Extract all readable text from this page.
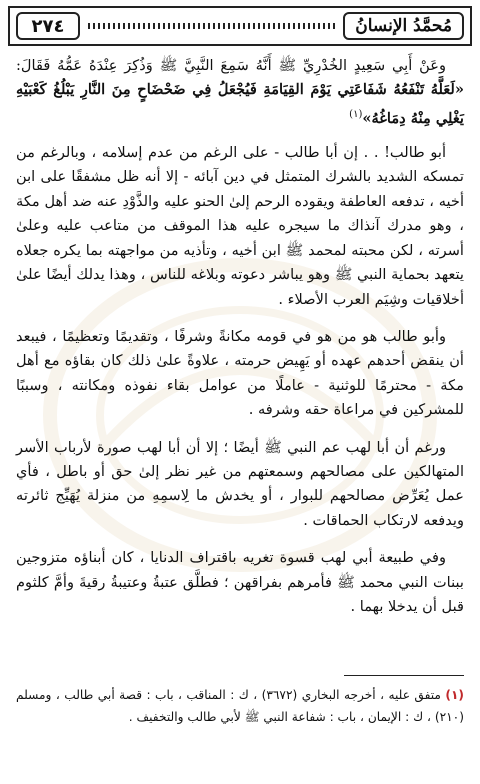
٢٧٤	مُحمَّدُ الإنسانُ

وعَنْ أَبِي سَعِيدٍ الخُدْرِيِّ ﷺ أَنَّهُ سَمِعَ النَّبِيَّ ﷺ وَذُكِرَ عِنْدَهُ عَمُّهُ فَقَالَ: «لَعَلَّهُ تَنْفَعُهُ شَفَاعَتِي يَوْمَ القِيَامَةِ فَيُجْعَلُ فِي ضَحْضَاحٍ مِنَ النَّارِ يَبْلُغُ كَعْبَيْهِ يَغْلِي مِنْهُ دِمَاغُهُ»$^{(١)}$

أبو طالب! . . إن أبا طالب - على الرغم من عدم إسلامه ، وبالرغم من تمسكه الشديد بالشرك المتمثل في دين آبائه - إلا أنه ظل مشفقًا على ابن أخيه ، تدفعه العاطفة ويقوده الرحم إلىٰ الحنو عليه والذَّوْدِ عنه ضد أهل مكة ، وهو مدرك آنذاك ما سيجره عليه هذا الموقف من متاعب عليه وعلىٰ أسرته ، لكن محبته لمحمد ﷺ ابن أخيه ، وتأذيه من مواجهته بما يكره جعلاه يتعهد بحماية النبي ﷺ وهو يباشر دعوته وبلاغه للناس ، وهذا يدلك أيضًا علىٰ أخلاقيات وشِيَم العرب الأصلاء .

وأبو طالب هو من هو في قومه مكانةً وشرفًا ، وتقديمًا وتعظيمًا ، فيبعد أن ينقض أحدهم عهده أو يَهِيض حرمته ، علاوةً علىٰ ذلك كان بقاؤه مع أهل مكة - محترمًا للوثنية - عاملًا من عوامل بقاء نفوذه ومكانته ، وسببًا للمشركين في مراعاة حقه وشرفه .

ورغم أن أبا لهب عم النبي ﷺ أيضًا ؛ إلا أن أبا لهب صورة لأرباب الأسر المتهالكين على مصالحهم وسمعتهم من غير نظر إلىٰ حق أو باطل ، فأي عمل يُعَرِّض مصالحهم للبوار ، أو يخدش ما لِاسمِهِ من منزلة يُهَيِّج ثائرته ويدفعه لارتكاب الحماقات .

وفي طبيعة أبي لهب قسوة تغريه باقتراف الدنايا ، كان أبناؤه متزوجين ببنات النبي محمد ﷺ فأمرهم بفراقهن ؛ فطلَّق عتبةُ وعتيبةُ رقيةَ وأمَّ كلثوم قبل أن يدخلا بهما .

(١) متفق عليه ، أخرجه البخاري (٣٦٧٢) ، ك : المناقب ، باب : قصة أبي طالب ، ومسلم (٢١٠) ، ك : الإيمان ، باب : شفاعة النبي ﷺ لأبي طالب والتخفيف .
